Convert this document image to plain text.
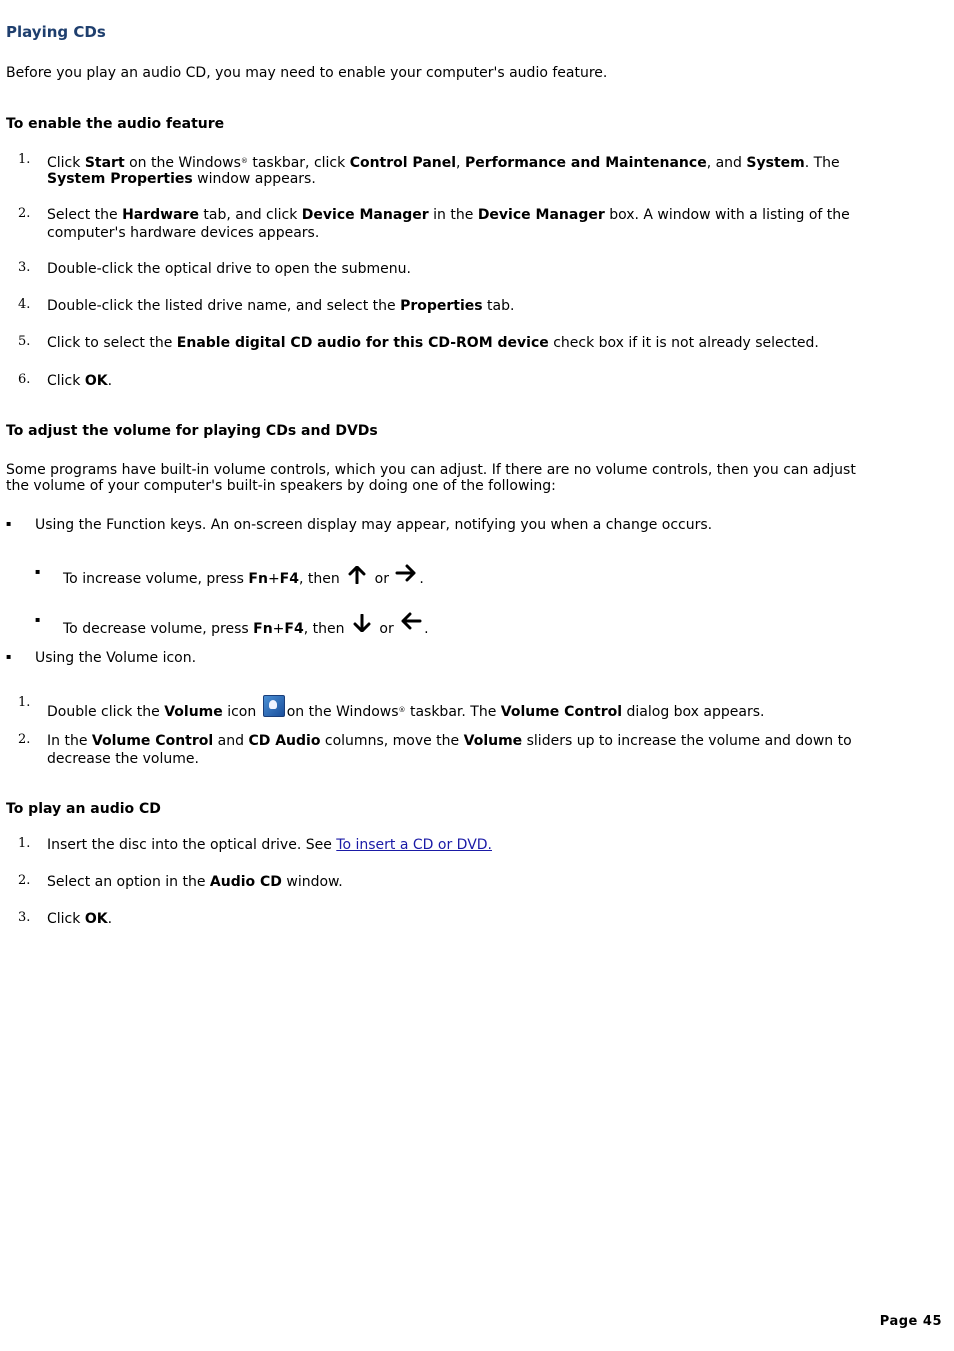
Playing CDs
Before you play an audio CD, you may need to enable your computer's audio feature.
To enable the audio feature
1. Click Start on the Windows® taskbar, click Control Panel, Performance and Maintenance, and System. The
System Properties window appears.
2. Select the Hardware tab, and click Device Manager in the Device Manager box. A window with a listing of the
computer's hardware devices appears.
3. Double-click the optical drive to open the submenu.
4. Double-click the listed drive name, and select the Properties tab.
5. Click to select the Enable digital CD audio for this CD-ROM device check box if it is not already selected.
6. Click OK.
To adjust the volume for playing CDs and DVDs
Some programs have built-in volume controls, which you can adjust. If there are no volume controls, then you can adjust
the volume of your computer's built-in speakers by doing one of the following:
▪ Using the Function keys. An on-screen display may appear, notifying you when a change occurs.
▪ To increase volume, press Fn+F4, then  or .
▪
To decrease volume, press Fn+F4, then  or .
▪ Using the Volume icon.
1.
Double click the Volume icon on the Windows® taskbar. The Volume Control dialog box appears.
2. In the Volume Control and CD Audio columns, move the Volume sliders up to increase the volume and down to
decrease the volume.
To play an audio CD
1. Insert the disc into the optical drive. See To insert a CD or DVD.
2. Select an option in the Audio CD window.
3. Click OK.
Page 45
